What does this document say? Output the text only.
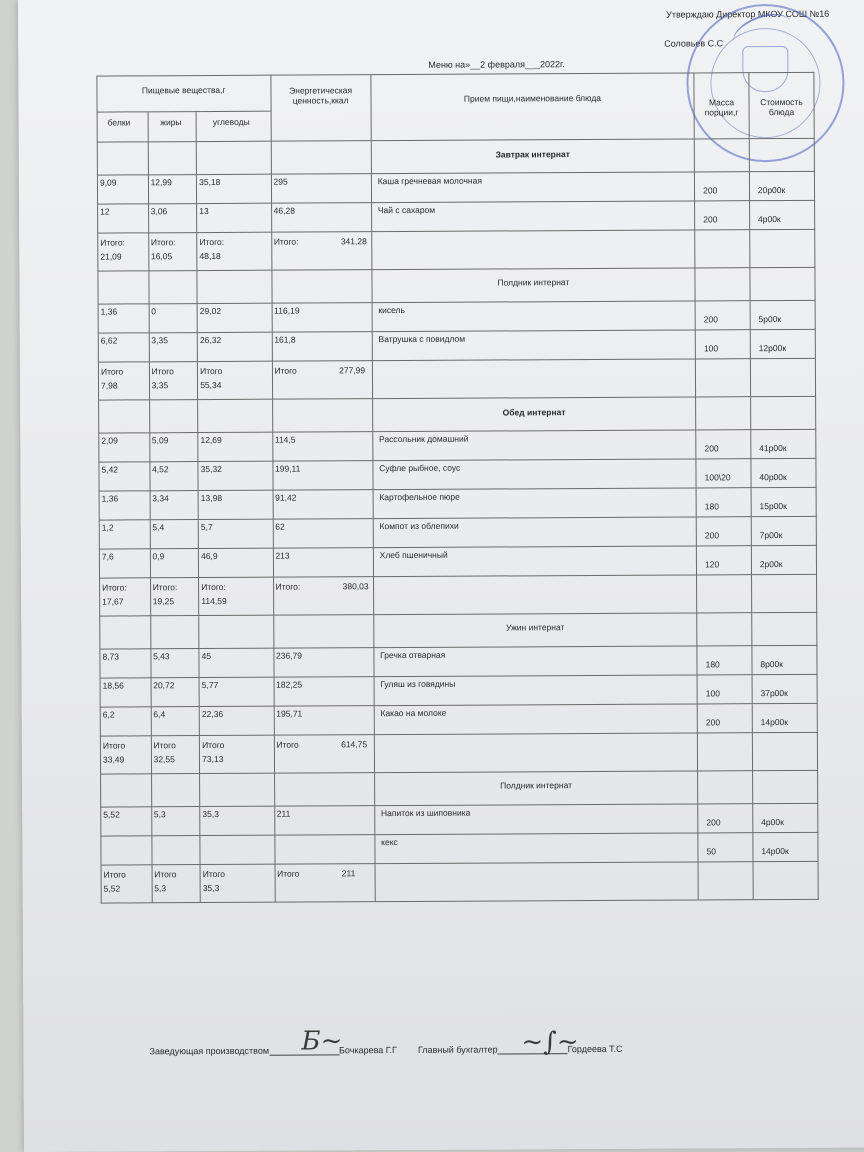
Утверждаю Директор МКОУ СОШ №16
Соловьев С.С
Меню на»__2 февраля___2022г.
Пищевые вещества,г			Энергетическая ценность,ккал	Прием пищи,наименование блюда	Масса порции,г	Стоимость блюда

белки	жиры	углеводы				

				Завтрак интернат		

9,09	12,99	35,18	295	Каша гречневая молочная	200	20р00к

12	3,06	13	46,28	Чай с сахаром	200	4р00к

Итого: 21,09	Итого: 16,05	Итого: 48,18	Итого: 341,28			

				Полдник интернат		

1,36	0	29,02	116,19	кисель	200	5р00к

6,62	3,35	26,32	161,8	Ватрушка с повидлом	100	12р00к

Итого 7,98	Итого 3,35	Итого 55,34	Итого 277,99			

				Обед интернат		

2,09	5,09	12,69	114,5	Рассольник домашний	200	41р00к

5,42	4,52	35,32	199,11	Суфле рыбное, соус	100\20	40р00к

1,36	3,34	13,98	91,42	Картофельное пюре	180	15р00к

1,2	5,4	5,7	62	Компот из облепихи	200	7р00к

7,6	0,9	46,9	213	Хлеб пшеничный	120	2р00к

Итого: 17,67	Итого: 19,25	Итого: 114,59	Итого: 380,03			

				Ужин интернат		

8,73	5,43	45	236,79	Гречка отварная	180	8р00к

18,56	20,72	5,77	182,25	Гуляш из говядины	100	37р00к

6,2	6,4	22,36	195,71	Какао на молоке	200	14р00к

Итого 33,49	Итого 32,55	Итого 73,13	Итого 614,75			

				Полдник интернат		

5,52	5,3	35,3	211	Напиток из шиповника	200	4р00к

				кекс	50	14р00к

Итого 5,52	Итого 5,3	Итого 35,3	Итого 211			

Заведующая производством	Бочкарева Г.Г Главный бухгалтер	Гордеева Т.С
Б~	~∫~
